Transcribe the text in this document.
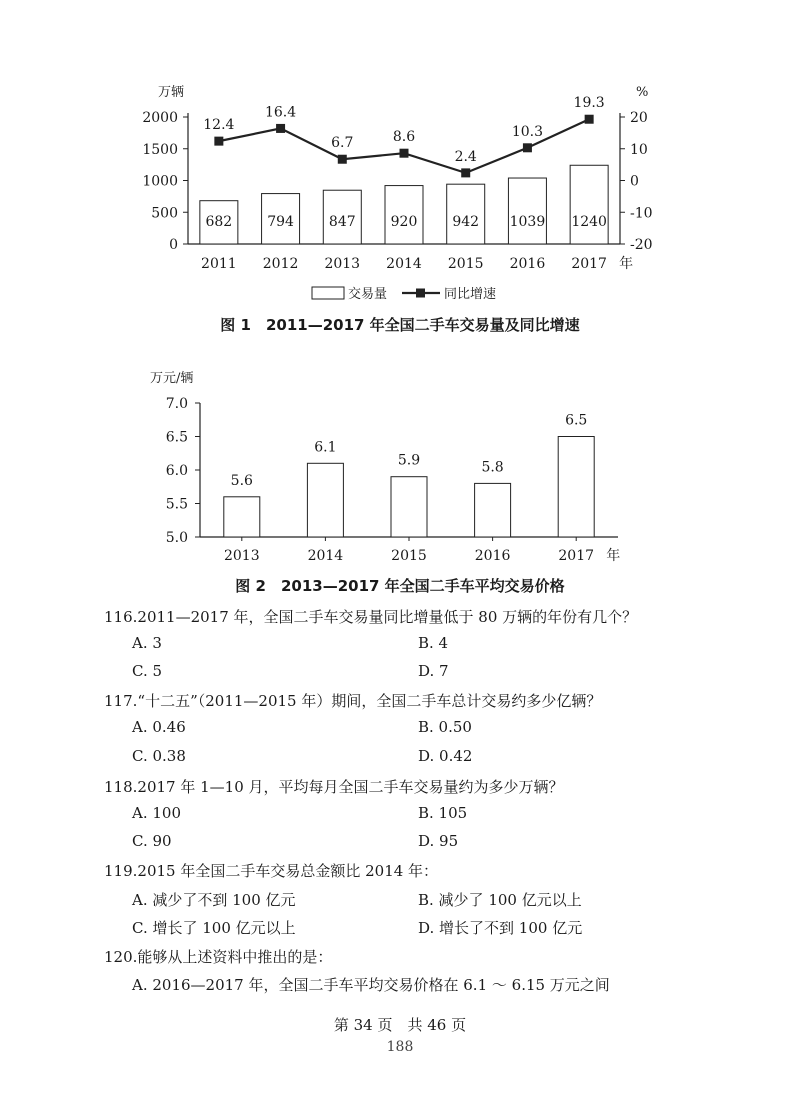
万辆	%
0
500
1000
1500
2000
-20
-10
0
10
20
682
2011
794
2012
847
2013
920
2014
942
2015
1039
2016
1240
2017 年
12.4
16.4
6.7	8.6
2.4
10.3
19.3
交易量	同比增速
图 1　2011—2017 年全国二手车交易量及同比增速
万元/辆
5.0
5.5
6.0
6.5
7.0
5.6
2013
6.1
2014
5.9
2015
5.8
2016
6.5
2017 年
图 2　2013—2017 年全国二手车平均交易价格
116.2011—2017 年，全国二手车交易量同比增量低于 80 万辆的年份有几个？
A. 3	B. 4
C. 5	D. 7
117.“十二五”（2011—2015 年）期间，全国二手车总计交易约多少亿辆？
A. 0.46	B. 0.50
C. 0.38	D. 0.42
118.2017 年 1—10 月，平均每月全国二手车交易量约为多少万辆？
A. 100	B. 105
C. 90	D. 95
119.2015 年全国二手车交易总金额比 2014 年：
A. 减少了不到 100 亿元	B. 减少了 100 亿元以上
C. 增长了 100 亿元以上	D. 增长了不到 100 亿元
120.能够从上述资料中推出的是：
A. 2016—2017 年，全国二手车平均交易价格在 6.1 ～ 6.15 万元之间
第 34 页　共 46 页
188
